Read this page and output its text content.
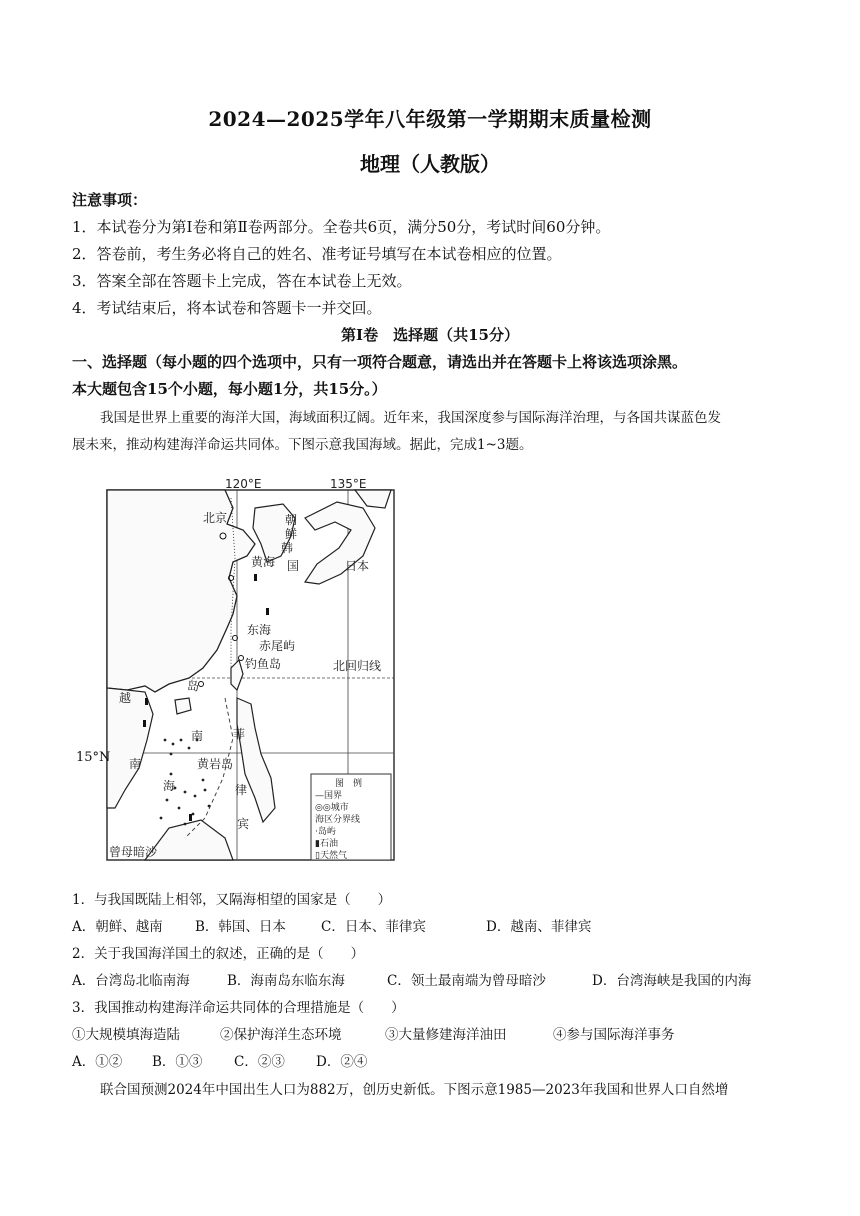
2024—2025学年八年级第一学期期末质量检测
地理（人教版）
注意事项：
1．本试卷分为第Ⅰ卷和第Ⅱ卷两部分。全卷共6页，满分50分，考试时间60分钟。
2．答卷前，考生务必将自己的姓名、准考证号填写在本试卷相应的位置。
3．答案全部在答题卡上完成，答在本试卷上无效。
4．考试结束后，将本试卷和答题卡一并交回。
第Ⅰ卷　选择题（共15分）
一、选择题（每小题的四个选项中，只有一项符合题意，请选出并在答题卡上将该选项涂黑。
本大题包含15个小题，每小题1分，共15分。）
我国是世界上重要的海洋大国，海域面积辽阔。近年来，我国深度参与国际海洋治理，与各国共谋蓝色发
展未来，推动构建海洋命运共同体。下图示意我国海域。据此，完成1~3题。
120°E	135°E
北京	朝
鲜
韩
国	日本
黄海
东海
赤尾屿
钓鱼岛	北回归线
越
岛
南 菲
黄岩岛
南
海	律
宾
曾母暗沙
图　例
—国界
◎◎城市
海区分界线
·岛屿
▮石油
▯天然气
15°N
1．与我国既陆上相邻，又隔海相望的国家是（　　）
A．朝鲜、越南 B．韩国、日本	C．日本、菲律宾	D．越南、菲律宾
2．关于我国海洋国土的叙述，正确的是（　　）
A．台湾岛北临南海	B．海南岛东临东海	C．领土最南端为曾母暗沙	D．台湾海峡是我国的内海
3．我国推动构建海洋命运共同体的合理措施是（　　）
①大规模填海造陆	②保护海洋生态环境	③大量修建海洋油田	④参与国际海洋事务
A．①② B．①③ C．②③ D．②④
联合国预测2024年中国出生人口为882万，创历史新低。下图示意1985—2023年我国和世界人口自然增
